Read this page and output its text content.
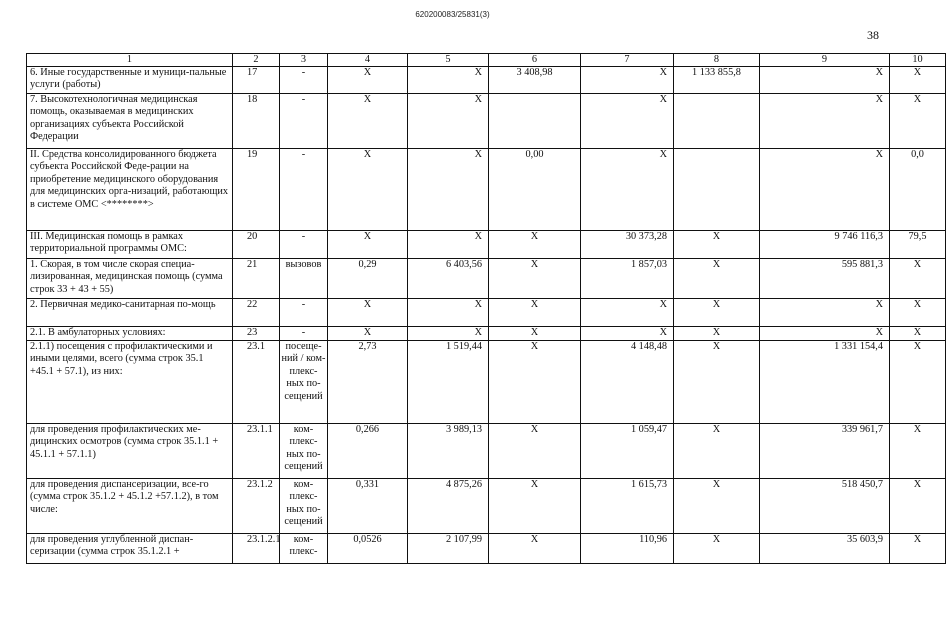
620200083/25831(3)
38
1	2	3	4	5	6	7	8	9	10
6. Иные государственные и муници-пальные услуги (работы)	17	-	X	X	3 408,98	X	1 133 855,8	X	X
7. Высокотехнологичная медицинская помощь, оказываемая в медицинских организациях субъекта Российской Федерации	18	-	X	X		X		X	X
II. Средства консолидированного бюджета субъекта Российской Феде-рации на приобретение медицинского оборудования для медицинских орга-низаций, работающих в системе ОМС <********>	19	-	X	X	0,00	X		X	0,0
III. Медицинская помощь в рамках территориальной программы ОМС:	20	-	X	X	X	30 373,28	X	9 746 116,3	79,5
1. Скорая, в том числе скорая специа-лизированная, медицинская помощь (сумма строк 33 + 43 + 55)	21	вызовов	0,29	6 403,56	X	1 857,03	X	595 881,3	X
2. Первичная медико-санитарная по-мощь	22	-	X	X	X	X	X	X	X
2.1. В амбулаторных условиях:	23	-	X	X	X	X	X	X	X
2.1.1) посещения с профилактическими и иными целями, всего (сумма строк 35.1 +45.1 + 57.1), из них:	23.1	посеще-ний / ком-плекс-ных по-сещений	2,73	1 519,44	X	4 148,48	X	1 331 154,4	X
для проведения профилактических ме-дицинских осмотров (сумма строк 35.1.1 + 45.1.1 + 57.1.1)	23.1.1	ком-плекс-ных по-сещений	0,266	3 989,13	X	1 059,47	X	339 961,7	X
для проведения диспансеризации, все-го (сумма строк 35.1.2 + 45.1.2 +57.1.2), в том числе:	23.1.2	ком-плекс-ных по-сещений	0,331	4 875,26	X	1 615,73	X	518 450,7	X
для проведения углубленной диспан-серизации (сумма строк 35.1.2.1 +	23.1.2.1	ком-плекс-	0,0526	2 107,99	X	110,96	X	35 603,9	X
